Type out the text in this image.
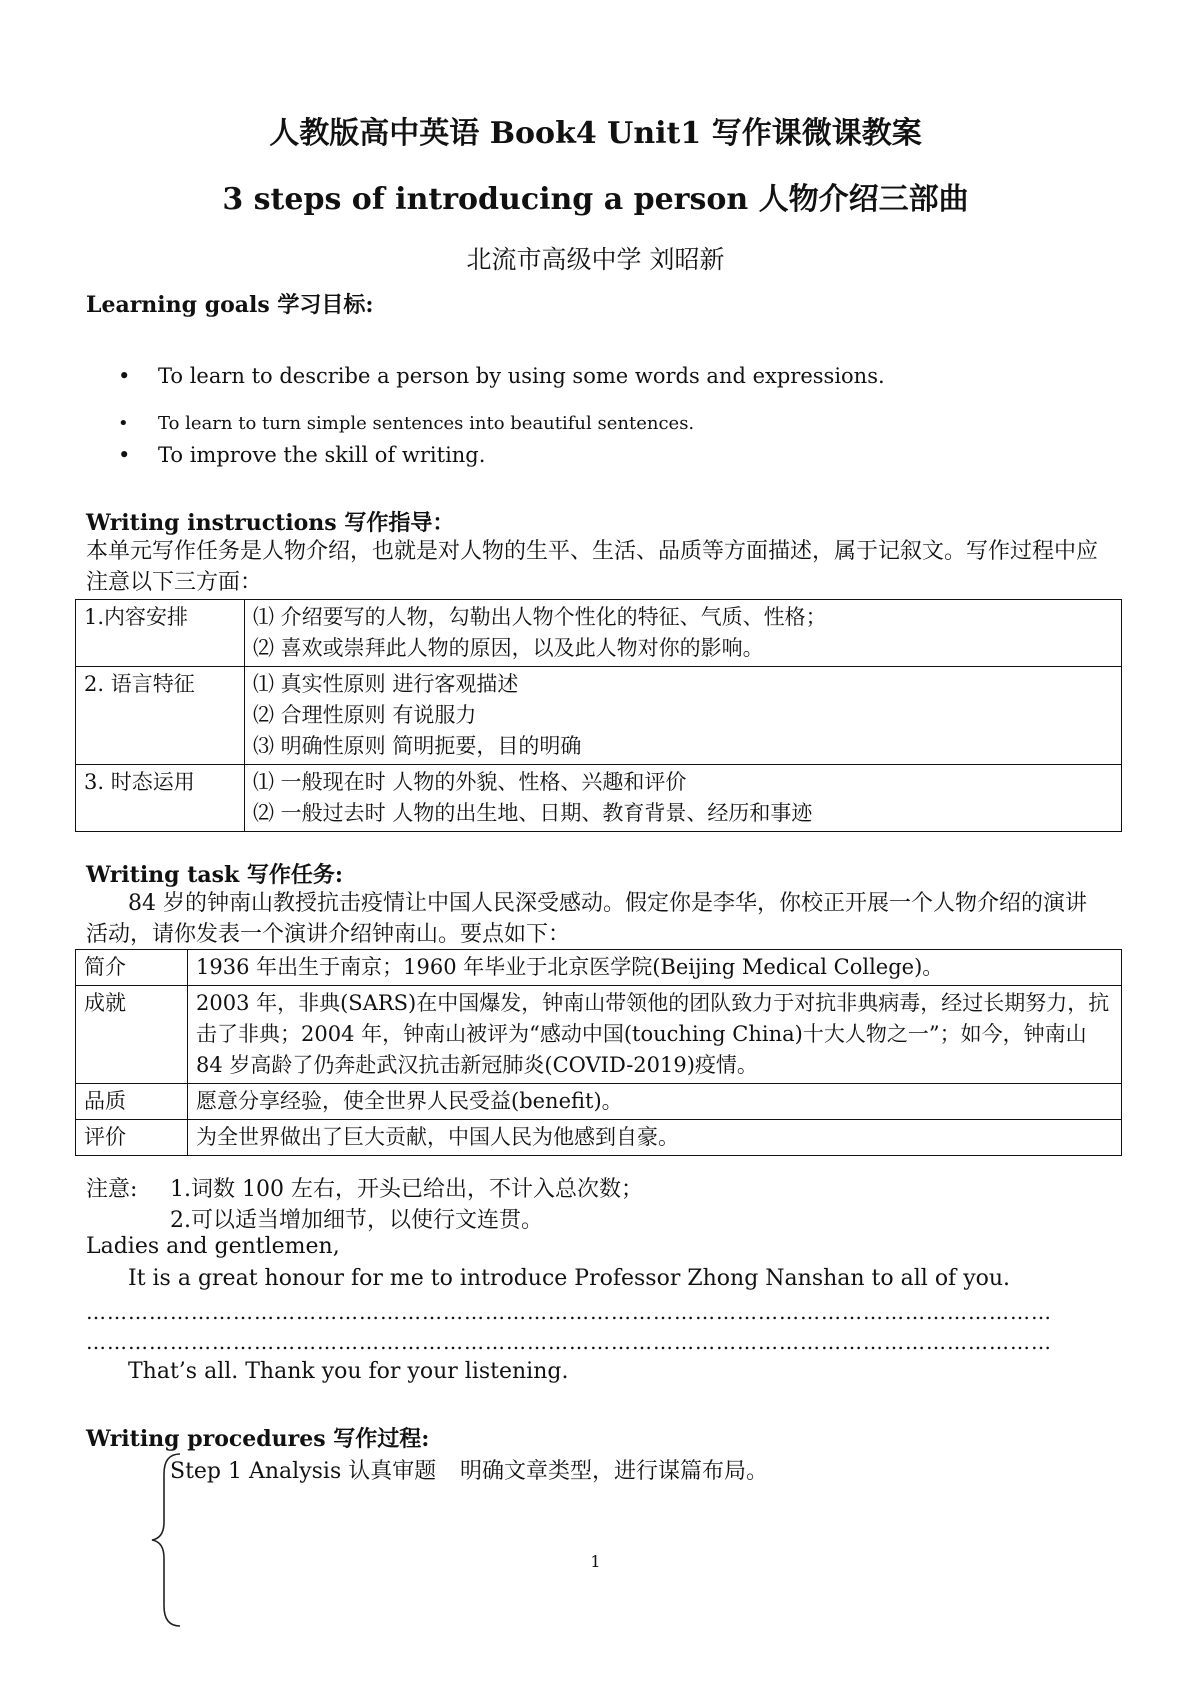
人教版高中英语 Book4 Unit1 写作课微课教案
3 steps of introducing a person 人物介绍三部曲
北流市高级中学 刘昭新
Learning goals 学习目标:
• To learn to describe a person by using some words and expressions.
• To learn to turn simple sentences into beautiful sentences.
• To improve the skill of writing.
Writing instructions 写作指导：
本单元写作任务是人物介绍，也就是对人物的生平、生活、品质等方面描述，属于记叙文。写作过程中应注意以下三方面：
1.内容安排	⑴ 介绍要写的人物，勾勒出人物个性化的特征、气质、性格；
⑵ 喜欢或崇拜此人物的原因，以及此人物对你的影响。

2. 语言特征	⑴ 真实性原则 进行客观描述
⑵ 合理性原则 有说服力
⑶ 明确性原则 简明扼要，目的明确

3. 时态运用	⑴ 一般现在时 人物的外貌、性格、兴趣和评价
⑵ 一般过去时 人物的出生地、日期、教育背景、经历和事迹
Writing task 写作任务:
84 岁的钟南山教授抗击疫情让中国人民深受感动。假定你是李华，你校正开展一个人物介绍的演讲活动，请你发表一个演讲介绍钟南山。要点如下：
简介	1936 年出生于南京；1960 年毕业于北京医学院(Beijing Medical College)。
成就	2003 年，非典(SARS)在中国爆发，钟南山带领他的团队致力于对抗非典病毒，经过长期努力，抗击了非典；2004 年，钟南山被评为“感动中国(touching China)十大人物之一”；如今，钟南山 84 岁高龄了仍奔赴武汉抗击新冠肺炎(COVID-2019)疫情。
品质	愿意分享经验，使全世界人民受益(benefit)。
评价	为全世界做出了巨大贡献，中国人民为他感到自豪。
注意: 1.词数 100 左右，开头已给出，不计入总次数；
2.可以适当增加细节，以使行文连贯。
Ladies and gentlemen,
It is a great honour for me to introduce Professor Zhong Nanshan to all of you.
…………………………………………………………………………………………………………………………
…………………………………………………………………………………………………………………………
That’s all. Thank you for your listening.
Writing procedures 写作过程:
Step 1 Analysis 认真审题 明确文章类型，进行谋篇布局。
1
